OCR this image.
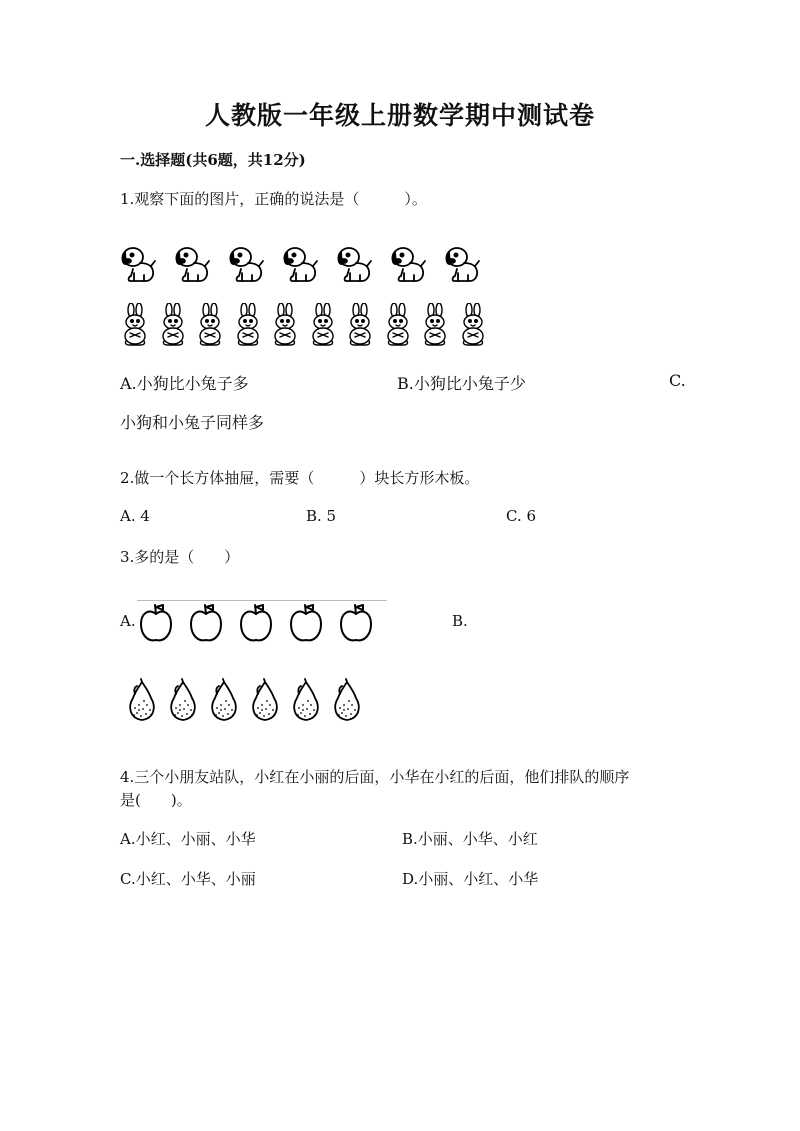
人教版一年级上册数学期中测试卷
一.选择题(共6题，共12分)
1.观察下面的图片，正确的说法是（　　　）。
A.小狗比小兔子多	B.小狗比小兔子少	C.
小狗和小兔子同样多
2.做一个长方体抽屉，需要（　　　）块长方形木板。
A. 4	B. 5	C. 6
3.多的是（　　）
A.	B.
4.三个小朋友站队，小红在小丽的后面，小华在小红的后面，他们排队的顺序
是(　　)。
A.小红、小丽、小华	B.小丽、小华、小红
C.小红、小华、小丽	D.小丽、小红、小华
